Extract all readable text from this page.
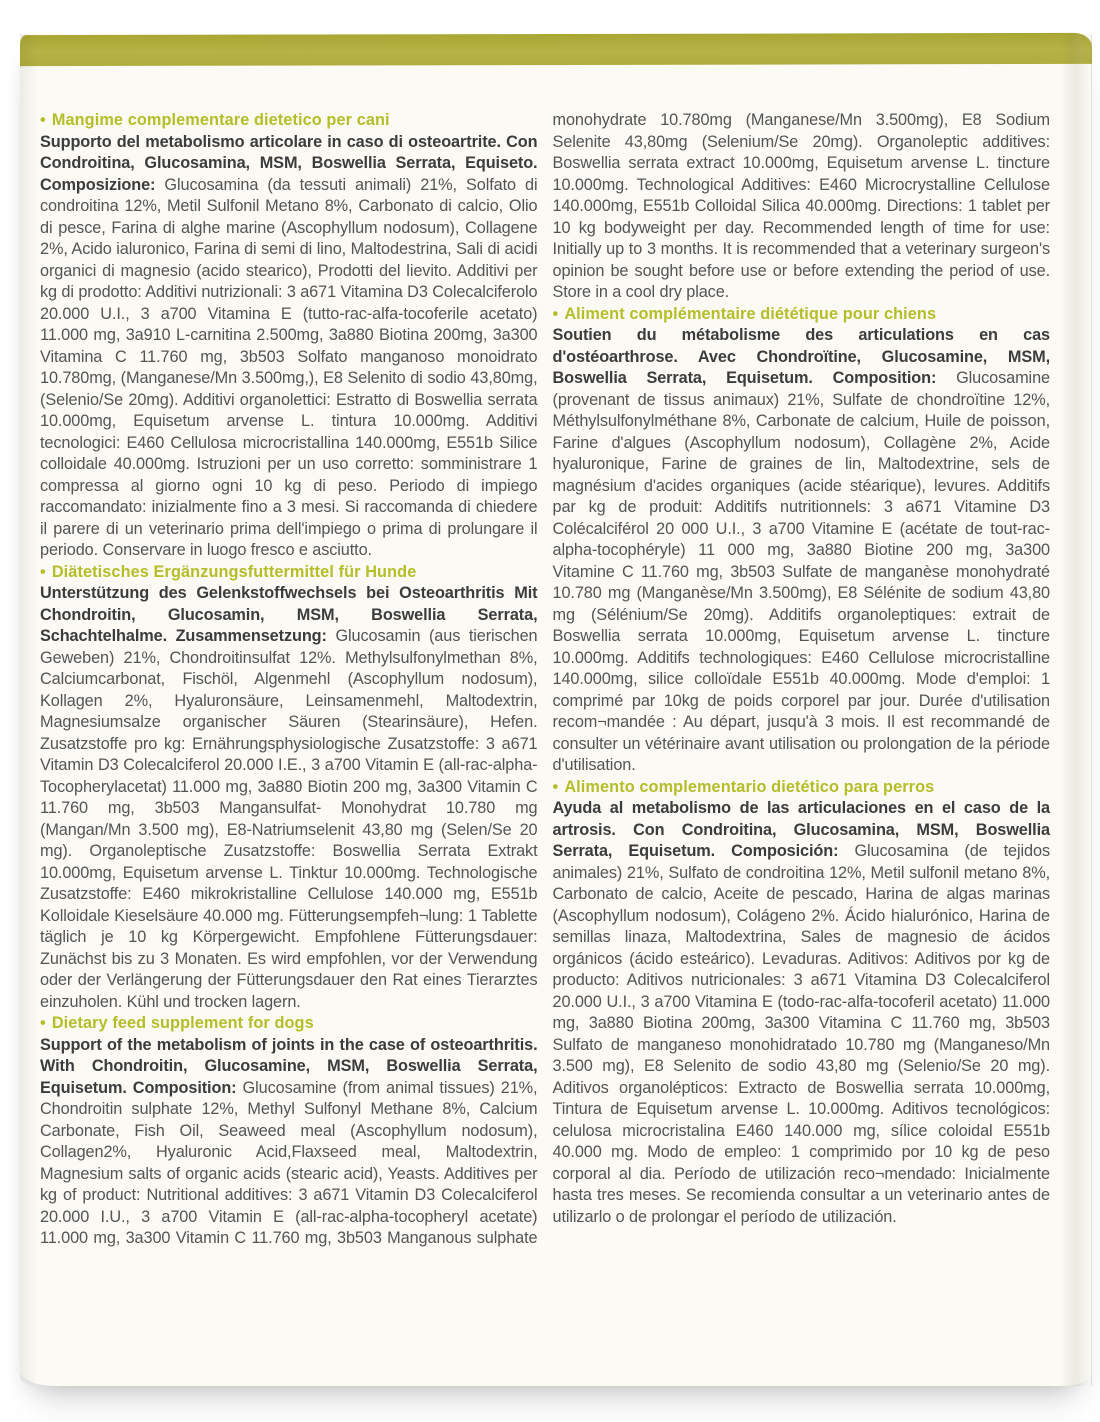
• Mangime complementare dietetico per cani

Supporto del metabolismo articolare in caso di osteoartrite. Con Condroitina, Glucosamina, MSM, Boswellia Serrata, Equiseto. Composizione: Glucosamina (da tessuti animali) 21%, Solfato di condroitina 12%, Metil Sulfonil Metano 8%, Carbonato di calcio, Olio di pesce, Farina di alghe marine (Ascophyllum nodosum), Collagene 2%, Acido ialuronico, Farina di semi di lino, Maltodestrina, Sali di acidi organici di magnesio (acido stearico), Prodotti del lievito. Additivi per kg di prodotto: Additivi nutrizionali: 3 a671 Vitamina D3 Colecalciferolo 20.000 U.I., 3 a700 Vitamina E (tutto-rac-alfa-tocoferile acetato) 11.000 mg, 3a910 L-carnitina 2.500mg, 3a880 Biotina 200mg, 3a300 Vitamina C 11.760 mg, 3b503 Solfato manganoso monoidrato 10.780mg, (Manganese/Mn 3.500mg,), E8 Selenito di sodio 43,80mg, (Selenio/Se 20mg). Additivi organolettici: Estratto di Boswellia serrata 10.000mg, Equisetum arvense L. tintura 10.000mg. Additivi tecnologici: E460 Cellulosa microcristallina 140.000mg, E551b Silice colloidale 40.000mg. Istruzioni per un uso corretto: somministrare 1 compressa al giorno ogni 10 kg di peso. Periodo di impiego raccomandato: inizialmente fino a 3 mesi. Si raccomanda di chiedere il parere di un veterinario prima dell'impiego o prima di prolungare il periodo. Conservare in luogo fresco e asciutto.

• Diätetisches Ergänzungsfuttermittel für Hunde

Unterstützung des Gelenkstoffwechsels bei Osteoarthritis Mit Chondroitin, Glucosamin, MSM, Boswellia Serrata, Schachtelhalme. Zusammensetzung: Glucosamin (aus tierischen Geweben) 21%, Chondroitinsulfat 12%. Methylsulfonylmethan 8%, Calciumcarbonat, Fischöl, Algenmehl (Ascophyllum nodosum), Kollagen 2%, Hyaluronsäure, Leinsamenmehl, Maltodextrin, Magnesiumsalze organischer Säuren (Stearinsäure), Hefen. Zusatzstoffe pro kg: Ernährungsphysiologische Zusatzstoffe: 3 a671 Vitamin D3 Colecalciferol 20.000 I.E., 3 a700 Vitamin E (all-rac-alpha-Tocopherylacetat) 11.000 mg, 3a880 Biotin 200 mg, 3a300 Vitamin C 11.760 mg, 3b503 Mangansulfat- Monohydrat 10.780 mg (Mangan/Mn 3.500 mg), E8-Natriumselenit 43,80 mg (Selen/Se 20 mg). Organoleptische Zusatzstoffe: Boswellia Serrata Extrakt 10.000mg, Equisetum arvense L. Tinktur 10.000mg. Technologische Zusatzstoffe: E460 mikrokristalline Cellulose 140.000 mg, E551b Kolloidale Kieselsäure 40.000 mg. Fütterungsempfeh¬lung: 1 Tablette täglich je 10 kg Körpergewicht. Empfohlene Fütterungsdauer: Zunächst bis zu 3 Monaten. Es wird empfohlen, vor der Verwendung oder der Verlängerung der Fütterungsdauer den Rat eines Tierarztes einzuholen. Kühl und trocken lagern.

• Dietary feed supplement for dogs

Support of the metabolism of joints in the case of osteoarthritis. With Chondroitin, Glucosamine, MSM, Boswellia Serrata, Equisetum. Composition: Glucosamine (from animal tissues) 21%, Chondroitin sulphate 12%, Methyl Sulfonyl Methane 8%, Calcium Carbonate, Fish Oil, Seaweed meal (Ascophyllum nodosum), Collagen2%, Hyaluronic Acid,Flaxseed meal, Maltodextrin, Magnesium salts of organic acids (stearic acid), Yeasts. Additives per kg of product: Nutritional additives: 3 a671 Vitamin D3 Colecalciferol 20.000 I.U., 3 a700 Vitamin E (all-rac-alpha-tocopheryl acetate) 11.000 mg, 3a300 Vitamin C 11.760 mg, 3b503 Manganous sulphate monohydrate 10.780mg (Manganese/Mn 3.500mg), E8 Sodium Selenite 43,80mg (Selenium/Se 20mg). Organoleptic additives: Boswellia serrata extract 10.000mg, Equisetum arvense L. tincture 10.000mg. Technological Additives: E460 Microcrystalline Cellulose 140.000mg, E551b Colloidal Silica 40.000mg. Directions: 1 tablet per 10 kg bodyweight per day. Recommended length of time for use: Initially up to 3 months. It is recommended that a veterinary surgeon's opinion be sought before use or before extending the period of use. Store in a cool dry place.

• Aliment complémentaire diététique pour chiens

Soutien du métabolisme des articulations en cas d'ostéoarthrose. Avec Chondroïtine, Glucosamine, MSM, Boswellia Serrata, Equisetum. Composition: Glucosamine (provenant de tissus animaux) 21%, Sulfate de chondroïtine 12%, Méthylsulfonylméthane 8%, Carbonate de calcium, Huile de poisson, Farine d'algues (Ascophyllum nodosum), Collagène 2%, Acide hyaluronique, Farine de graines de lin, Maltodextrine, sels de magnésium d'acides organiques (acide stéarique), levures. Additifs par kg de produit: Additifs nutritionnels: 3 a671 Vitamine D3 Colécalciférol 20 000 U.I., 3 a700 Vitamine E (acétate de tout-rac-alpha-tocophéryle) 11 000 mg, 3a880 Biotine 200 mg, 3a300 Vitamine C 11.760 mg, 3b503 Sulfate de manganèse monohydraté 10.780 mg (Manganèse/Mn 3.500mg), E8 Sélénite de sodium 43,80 mg (Sélénium/Se 20mg). Additifs organoleptiques: extrait de Boswellia serrata 10.000mg, Equisetum arvense L. tincture 10.000mg. Additifs technologiques: E460 Cellulose microcristalline 140.000mg, silice colloïdale E551b 40.000mg. Mode d'emploi: 1 comprimé par 10kg de poids corporel par jour. Durée d'utilisation recom¬mandée : Au départ, jusqu'à 3 mois. Il est recommandé de consulter un vétérinaire avant utilisation ou prolongation de la période d'utilisation.

• Alimento complementario dietético para perros

Ayuda al metabolismo de las articulaciones en el caso de la artrosis. Con Condroitina, Glucosamina, MSM, Boswellia Serrata, Equisetum. Composición: Glucosamina (de tejidos animales) 21%, Sulfato de condroitina 12%, Metil sulfonil metano 8%, Carbonato de calcio, Aceite de pescado, Harina de algas marinas (Ascophyllum nodosum), Colágeno 2%. Ácido hialurónico, Harina de semillas linaza, Maltodextrina, Sales de magnesio de ácidos orgánicos (ácido esteárico). Levaduras. Aditivos: Aditivos por kg de producto: Aditivos nutricionales: 3 a671 Vitamina D3 Colecalciferol 20.000 U.I., 3 a700 Vitamina E (todo-rac-alfa-tocoferil acetato) 11.000 mg, 3a880 Biotina 200mg, 3a300 Vitamina C 11.760 mg, 3b503 Sulfato de manganeso monohidratado 10.780 mg (Manganeso/Mn 3.500 mg), E8 Selenito de sodio 43,80 mg (Selenio/Se 20 mg). Aditivos organolépticos: Extracto de Boswellia serrata 10.000mg, Tintura de Equisetum arvense L. 10.000mg. Aditivos tecnológicos: celulosa microcristalina E460 140.000 mg, sílice coloidal E551b 40.000 mg. Modo de empleo: 1 comprimido por 10 kg de peso corporal al dia. Período de utilización reco¬mendado: Inicialmente hasta tres meses. Se recomienda consultar a un veterinario antes de utilizarlo o de prolongar el período de utilización.
